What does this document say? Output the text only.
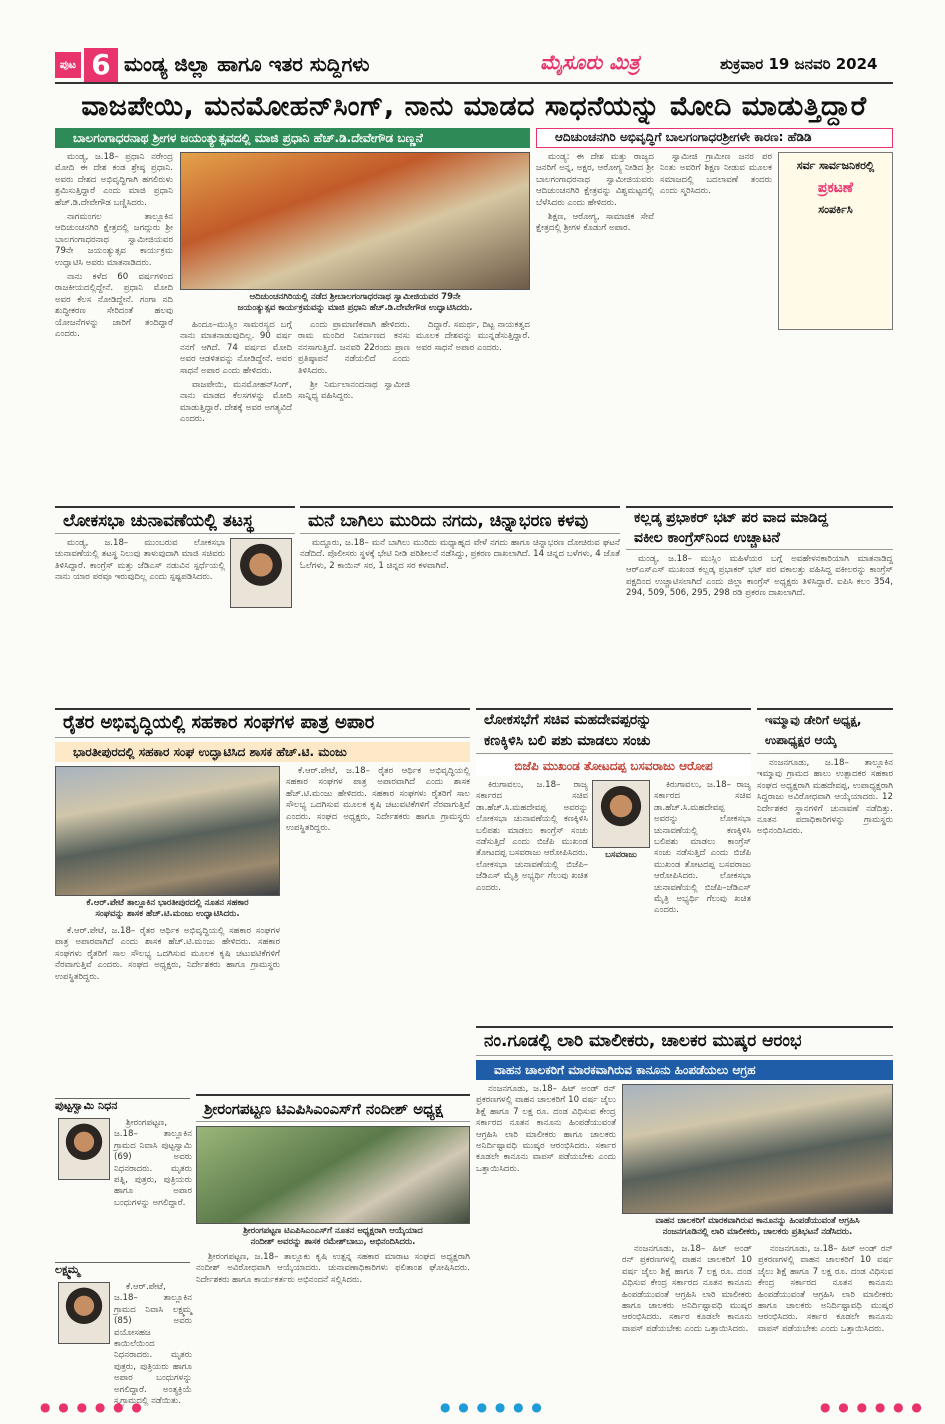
ಪುಟ 6 ಮಂಡ್ಯ ಜಿಲ್ಲಾ ಹಾಗೂ ಇತರ ಸುದ್ದಿಗಳು	ಮೈಸೂರು ಮಿತ್ರ	ಶುಕ್ರವಾರ 19 ಜನವರಿ 2024
ವಾಜಪೇಯಿ, ಮನಮೋಹನ್‌ಸಿಂಗ್, ನಾನು ಮಾಡದ ಸಾಧನೆಯನ್ನು ಮೋದಿ ಮಾಡುತ್ತಿದ್ದಾರೆ
ಬಾಲಗಂಗಾಧರನಾಥ ಶ್ರೀಗಳ ಜಯಂತ್ಯುತ್ಸವದಲ್ಲಿ ಮಾಜಿ ಪ್ರಧಾನಿ ಹೆಚ್.ಡಿ.ದೇವೇಗೌಡ ಬಣ್ಣನೆ	ಆದಿಚುಂಚನಗಿರಿ ಅಭಿವೃದ್ಧಿಗೆ ಬಾಲಗಂಗಾಧರಶ್ರೀಗಳೇ ಕಾರಣ: ಹೆಡಿಡಿ

ಮಂಡ್ಯ, ಜ.18– ಪ್ರಧಾನಿ ನರೇಂದ್ರ ಮೋದಿ ಈ ದೇಶ ಕಂಡ ಶ್ರೇಷ್ಠ ಪ್ರಧಾನಿ. ಅವರು ದೇಶದ ಅಭಿವೃದ್ಧಿಗಾಗಿ ಹಗಲಿರುಳು ಶ್ರಮಿಸುತ್ತಿದ್ದಾರೆ ಎಂದು ಮಾಜಿ ಪ್ರಧಾನಿ ಹೆಚ್.ಡಿ.ದೇವೇಗೌಡ ಬಣ್ಣಿಸಿದರು.

ನಾಗಮಂಗಲ ತಾಲ್ಲೂಕಿನ ಆದಿಚುಂಚನಗಿರಿ ಕ್ಷೇತ್ರದಲ್ಲಿ ಜಗದ್ಗುರು ಶ್ರೀ ಬಾಲಗಂಗಾಧರನಾಥ ಸ್ವಾಮೀಜಿಯವರ 79ನೇ ಜಯಂತ್ಯುತ್ಸವ ಕಾರ್ಯಕ್ರಮ ಉದ್ಘಾಟಿಸಿ ಅವರು ಮಾತನಾಡಿದರು.

ನಾನು ಕಳೆದ 60 ವರ್ಷಗಳಿಂದ ರಾಜಕೀಯದಲ್ಲಿದ್ದೇನೆ. ಪ್ರಧಾನಿ ಮೋದಿ ಅವರ ಕೆಲಸ ನೋಡಿದ್ದೇನೆ. ಗಂಗಾ ನದಿ ಶುದ್ಧೀಕರಣ ಸೇರಿದಂತೆ ಹಲವು ಯೋಜನೆಗಳನ್ನು ಜಾರಿಗೆ ತಂದಿದ್ದಾರೆ ಎಂದರು.

ಆದಿಚುಂಚನಗಿರಿಯಲ್ಲಿ ನಡೆದ ಶ್ರೀಬಾಲಗಂಗಾಧರನಾಥ ಸ್ವಾಮೀಜಿಯವರ 79ನೇ
ಜಯಂತ್ಯುತ್ಸವ ಕಾರ್ಯಕ್ರಮವನ್ನು ಮಾಜಿ ಪ್ರಧಾನಿ ಹೆಚ್.ಡಿ.ದೇವೇಗೌಡ ಉದ್ಘಾಟಿಸಿದರು.

ಹಿಂದೂ–ಮುಸ್ಲಿಂ ಸಾಮರಸ್ಯದ ಬಗ್ಗೆ ನಾನು ಮಾತನಾಡುವುದಿಲ್ಲ. 90 ವರ್ಷ ನನಗೆ ಆಗಿದೆ. 74 ವರ್ಷದ ಮೋದಿ ಅವರ ಆಡಳಿತವನ್ನು ನೋಡಿದ್ದೇನೆ. ಅವರ ಸಾಧನೆ ಅಪಾರ ಎಂದು ಹೇಳಿದರು.

ವಾಜಪೇಯಿ, ಮನಮೋಹನ್‌ಸಿಂಗ್, ನಾನು ಮಾಡದ ಕೆಲಸಗಳನ್ನು ಮೋದಿ ಮಾಡುತ್ತಿದ್ದಾರೆ. ದೇಶಕ್ಕೆ ಅವರ ಅಗತ್ಯವಿದೆ ಎಂದರು.

ಎಂದು ಪ್ರಾಮಾಣಿಕವಾಗಿ ಹೇಳಿದರು. ರಾಮ ಮಂದಿರ ನಿರ್ಮಾಣದ ಕನಸು ನನಸಾಗುತ್ತಿದೆ. ಜನವರಿ 22ರಂದು ಪ್ರಾಣ ಪ್ರತಿಷ್ಠಾಪನೆ ನಡೆಯಲಿದೆ ಎಂದು ತಿಳಿಸಿದರು.

ಶ್ರೀ ನಿರ್ಮಲಾನಂದನಾಥ ಸ್ವಾಮೀಜಿ ಸಾನ್ನಿಧ್ಯ ವಹಿಸಿದ್ದರು.

ದಿದ್ದಾರೆ. ಸಮರ್ಥ, ದಿಟ್ಟ ನಾಯಕತ್ವದ ಮೂಲಕ ದೇಶವನ್ನು ಮುನ್ನಡೆಸುತ್ತಿದ್ದಾರೆ. ಅವರ ಸಾಧನೆ ಅಪಾರ ಎಂದರು.

ಮಂಡ್ಯ: ಈ ದೇಶ ಮತ್ತು ರಾಜ್ಯದ ಜನರಿಗೆ ಅನ್ನ, ಅಕ್ಷರ, ಆರೋಗ್ಯ ನೀಡಿದ ಶ್ರೀ ಬಾಲಗಂಗಾಧರನಾಥ ಸ್ವಾಮೀಜಿಯವರು ಆದಿಚುಂಚನಗಿರಿ ಕ್ಷೇತ್ರವನ್ನು ವಿಶ್ವಮಟ್ಟದಲ್ಲಿ ಬೆಳೆಸಿದರು ಎಂದು ಹೇಳಿದರು.

ಶಿಕ್ಷಣ, ಆರೋಗ್ಯ, ಸಾಮಾಜಿಕ ಸೇವೆ ಕ್ಷೇತ್ರದಲ್ಲಿ ಶ್ರೀಗಳ ಕೊಡುಗೆ ಅಪಾರ.

ಸ್ವಾಮೀಜಿ ಗ್ರಾಮೀಣ ಜನರ ಪರ ನಿಂತು ಅವರಿಗೆ ಶಿಕ್ಷಣ ನೀಡುವ ಮೂಲಕ ಸಮಾಜದಲ್ಲಿ ಬದಲಾವಣೆ ತಂದರು ಎಂದು ಸ್ಮರಿಸಿದರು.

ಸರ್ವ ಸಾರ್ವಜನಿಕರಲ್ಲಿ
ಪ್ರಕಟಣೆ
ಸಂಪರ್ಕಿಸಿ
ಲೋಕಸಭಾ ಚುನಾವಣೆಯಲ್ಲಿ ತಟಸ್ಥ

ಮಂಡ್ಯ, ಜ.18– ಮುಂಬರುವ ಲೋಕಸಭಾ ಚುನಾವಣೆಯಲ್ಲಿ ತಟಸ್ಥ ನಿಲುವು ತಾಳುವುದಾಗಿ ಮಾಜಿ ಸಚಿವರು ತಿಳಿಸಿದ್ದಾರೆ. ಕಾಂಗ್ರೆಸ್ ಮತ್ತು ಜೆಡಿಎಸ್ ನಡುವಿನ ಸ್ಪರ್ಧೆಯಲ್ಲಿ ನಾನು ಯಾರ ಪರವೂ ಇರುವುದಿಲ್ಲ ಎಂದು ಸ್ಪಷ್ಟಪಡಿಸಿದರು.

ಮನೆ ಬಾಗಿಲು ಮುರಿದು ನಗದು, ಚಿನ್ನಾಭರಣ ಕಳವು

ಮದ್ದೂರು, ಜ.18– ಮನೆ ಬಾಗಿಲು ಮುರಿದು ಮಧ್ಯಾಹ್ನದ ವೇಳೆ ನಗದು ಹಾಗೂ ಚಿನ್ನಾಭರಣ ದೋಚಿರುವ ಘಟನೆ ನಡೆದಿದೆ. ಪೊಲೀಸರು ಸ್ಥಳಕ್ಕೆ ಭೇಟಿ ನೀಡಿ ಪರಿಶೀಲನೆ ನಡೆಸಿದ್ದು, ಪ್ರಕರಣ ದಾಖಲಾಗಿದೆ. 14 ಚಿನ್ನದ ಬಳೆಗಳು, 4 ಜೊತೆ ಓಲೆಗಳು, 2 ಕಾಯಿನ್ ಸರ, 1 ಚಿನ್ನದ ಸರ ಕಳವಾಗಿವೆ.

ಕಲ್ಲಡ್ಕ ಪ್ರಭಾಕರ್ ಭಟ್ ಪರ ವಾದ ಮಾಡಿದ್ದ
ವಕೀಲ ಕಾಂಗ್ರೆಸ್‌ನಿಂದ ಉಚ್ಚಾಟನೆ

ಮಂಡ್ಯ, ಜ.18– ಮುಸ್ಲಿಂ ಮಹಿಳೆಯರ ಬಗ್ಗೆ ಅವಹೇಳನಕಾರಿಯಾಗಿ ಮಾತನಾಡಿದ್ದ ಆರ್‌ಎಸ್‌ಎಸ್ ಮುಖಂಡ ಕಲ್ಲಡ್ಕ ಪ್ರಭಾಕರ್ ಭಟ್ ಪರ ವಕಾಲತ್ತು ವಹಿಸಿದ್ದ ವಕೀಲರನ್ನು ಕಾಂಗ್ರೆಸ್ ಪಕ್ಷದಿಂದ ಉಚ್ಚಾಟಿಸಲಾಗಿದೆ ಎಂದು ಜಿಲ್ಲಾ ಕಾಂಗ್ರೆಸ್ ಅಧ್ಯಕ್ಷರು ತಿಳಿಸಿದ್ದಾರೆ. ಐಪಿಸಿ ಕಲಂ 354, 294, 509, 506, 295, 298 ರಡಿ ಪ್ರಕರಣ ದಾಖಲಾಗಿದೆ.

ರೈತರ ಅಭಿವೃದ್ಧಿಯಲ್ಲಿ ಸಹಕಾರ ಸಂಘಗಳ ಪಾತ್ರ ಅಪಾರ
ಭಾರತೀಪುರದಲ್ಲಿ ಸಹಕಾರ ಸಂಘ ಉದ್ಘಾಟಿಸಿದ ಶಾಸಕ ಹೆಚ್.ಟಿ. ಮಂಜು
ಕೆ.ಆರ್.ಪೇಟೆ ತಾಲ್ಲೂಕಿನ ಭಾರತೀಪುರದಲ್ಲಿ ನೂತನ ಸಹಕಾರ
ಸಂಘವನ್ನು ಶಾಸಕ ಹೆಚ್.ಟಿ.ಮಂಜು ಉದ್ಘಾಟಿಸಿದರು.

ಕೆ.ಆರ್.ಪೇಟೆ, ಜ.18– ರೈತರ ಆರ್ಥಿಕ ಅಭಿವೃದ್ಧಿಯಲ್ಲಿ ಸಹಕಾರ ಸಂಘಗಳ ಪಾತ್ರ ಅಪಾರವಾಗಿದೆ ಎಂದು ಶಾಸಕ ಹೆಚ್.ಟಿ.ಮಂಜು ಹೇಳಿದರು. ಸಹಕಾರ ಸಂಘಗಳು ರೈತರಿಗೆ ಸಾಲ ಸೌಲಭ್ಯ ಒದಗಿಸುವ ಮೂಲಕ ಕೃಷಿ ಚಟುವಟಿಕೆಗಳಿಗೆ ನೆರವಾಗುತ್ತಿವೆ ಎಂದರು. ಸಂಘದ ಅಧ್ಯಕ್ಷರು, ನಿರ್ದೇಶಕರು ಹಾಗೂ ಗ್ರಾಮಸ್ಥರು ಉಪಸ್ಥಿತರಿದ್ದರು.

ಕೆ.ಆರ್.ಪೇಟೆ, ಜ.18– ರೈತರ ಆರ್ಥಿಕ ಅಭಿವೃದ್ಧಿಯಲ್ಲಿ ಸಹಕಾರ ಸಂಘಗಳ ಪಾತ್ರ ಅಪಾರವಾಗಿದೆ ಎಂದು ಶಾಸಕ ಹೆಚ್.ಟಿ.ಮಂಜು ಹೇಳಿದರು. ಸಹಕಾರ ಸಂಘಗಳು ರೈತರಿಗೆ ಸಾಲ ಸೌಲಭ್ಯ ಒದಗಿಸುವ ಮೂಲಕ ಕೃಷಿ ಚಟುವಟಿಕೆಗಳಿಗೆ ನೆರವಾಗುತ್ತಿವೆ ಎಂದರು. ಸಂಘದ ಅಧ್ಯಕ್ಷರು, ನಿರ್ದೇಶಕರು ಹಾಗೂ ಗ್ರಾಮಸ್ಥರು ಉಪಸ್ಥಿತರಿದ್ದರು.

ಪುಟ್ಟಸ್ವಾಮಿ ನಿಧನ

ಶ್ರೀರಂಗಪಟ್ಟಣ, ಜ.18– ತಾಲ್ಲೂಕಿನ ಗ್ರಾಮದ ನಿವಾಸಿ ಪುಟ್ಟಸ್ವಾಮಿ (69) ಅವರು ನಿಧನರಾದರು. ಮೃತರು ಪತ್ನಿ, ಪುತ್ರರು, ಪುತ್ರಿಯರು ಹಾಗೂ ಅಪಾರ ಬಂಧುಗಳನ್ನು ಅಗಲಿದ್ದಾರೆ.

ಲಕ್ಷ್ಮಮ್ಮ

ಕೆ.ಆರ್.ಪೇಟೆ, ಜ.18– ತಾಲ್ಲೂಕಿನ ಗ್ರಾಮದ ನಿವಾಸಿ ಲಕ್ಷ್ಮಮ್ಮ (85) ಅವರು ವಯೋಸಹಜ ಕಾಯಿಲೆಯಿಂದ ನಿಧನರಾದರು. ಮೃತರು ಪುತ್ರರು, ಪುತ್ರಿಯರು ಹಾಗೂ ಅಪಾರ ಬಂಧುಗಳನ್ನು ಅಗಲಿದ್ದಾರೆ. ಅಂತ್ಯಕ್ರಿಯೆ ಸ್ವಗ್ರಾಮದಲ್ಲಿ ನಡೆಯಿತು.

ಶ್ರೀರಂಗಪಟ್ಟಣ ಟಿಎಪಿಸಿಎಂಎಸ್‌ಗೆ ನಂದೀಶ್ ಅಧ್ಯಕ್ಷ
ಶ್ರೀರಂಗಪಟ್ಟಣ ಟಿಎಪಿಸಿಎಂಎಸ್‌ಗೆ ನೂತನ ಅಧ್ಯಕ್ಷರಾಗಿ ಆಯ್ಕೆಯಾದ
ನಂದೀಶ್ ಅವರನ್ನು ಶಾಸಕ ರಮೇಶ್‌ಬಾಬು, ಅಭಿನಂದಿಸಿದರು.

ಶ್ರೀರಂಗಪಟ್ಟಣ, ಜ.18– ತಾಲ್ಲೂಕು ಕೃಷಿ ಉತ್ಪನ್ನ ಸಹಕಾರ ಮಾರಾಟ ಸಂಘದ ಅಧ್ಯಕ್ಷರಾಗಿ ನಂದೀಶ್ ಅವಿರೋಧವಾಗಿ ಆಯ್ಕೆಯಾದರು. ಚುನಾವಣಾಧಿಕಾರಿಗಳು ಫಲಿತಾಂಶ ಘೋಷಿಸಿದರು. ನಿರ್ದೇಶಕರು ಹಾಗೂ ಕಾರ್ಯಕರ್ತರು ಅಭಿನಂದನೆ ಸಲ್ಲಿಸಿದರು.

ಲೋಕಸಭೆಗೆ ಸಚಿವ ಮಹದೇವಪ್ಪರನ್ನು
ಕಣಕ್ಕಿಳಿಸಿ ಬಲಿ ಪಶು ಮಾಡಲು ಸಂಚು
ಬಿಜೆಪಿ ಮುಖಂಡ ತೋಟದಪ್ಪ ಬಸವರಾಜು ಆರೋಪ
ಬಸವರಾಜು

ಕಿರುಗಾವಲು, ಜ.18– ರಾಜ್ಯ ಸರ್ಕಾರದ ಸಚಿವ ಡಾ.ಹೆಚ್.ಸಿ.ಮಹದೇವಪ್ಪ ಅವರನ್ನು ಲೋಕಸಭಾ ಚುನಾವಣೆಯಲ್ಲಿ ಕಣಕ್ಕಿಳಿಸಿ ಬಲಿಪಶು ಮಾಡಲು ಕಾಂಗ್ರೆಸ್ ಸಂಚು ನಡೆಸುತ್ತಿದೆ ಎಂದು ಬಿಜೆಪಿ ಮುಖಂಡ ತೋಟದಪ್ಪ ಬಸವರಾಜು ಆರೋಪಿಸಿದರು. ಲೋಕಸಭಾ ಚುನಾವಣೆಯಲ್ಲಿ ಬಿಜೆಪಿ–ಜೆಡಿಎಸ್ ಮೈತ್ರಿ ಅಭ್ಯರ್ಥಿ ಗೆಲುವು ಖಚಿತ ಎಂದರು.

ಕಿರುಗಾವಲು, ಜ.18– ರಾಜ್ಯ ಸರ್ಕಾರದ ಸಚಿವ ಡಾ.ಹೆಚ್.ಸಿ.ಮಹದೇವಪ್ಪ ಅವರನ್ನು ಲೋಕಸಭಾ ಚುನಾವಣೆಯಲ್ಲಿ ಕಣಕ್ಕಿಳಿಸಿ ಬಲಿಪಶು ಮಾಡಲು ಕಾಂಗ್ರೆಸ್ ಸಂಚು ನಡೆಸುತ್ತಿದೆ ಎಂದು ಬಿಜೆಪಿ ಮುಖಂಡ ತೋಟದಪ್ಪ ಬಸವರಾಜು ಆರೋಪಿಸಿದರು. ಲೋಕಸಭಾ ಚುನಾವಣೆಯಲ್ಲಿ ಬಿಜೆಪಿ–ಜೆಡಿಎಸ್ ಮೈತ್ರಿ ಅಭ್ಯರ್ಥಿ ಗೆಲುವು ಖಚಿತ ಎಂದರು.

ಇಮ್ಮಾವು ಡೇರಿಗೆ ಅಧ್ಯಕ್ಷ,
ಉಪಾಧ್ಯಕ್ಷರ ಆಯ್ಕೆ

ನಂಜನಗೂಡು, ಜ.18– ತಾಲ್ಲೂಕಿನ ಇಮ್ಮಾವು ಗ್ರಾಮದ ಹಾಲು ಉತ್ಪಾದಕರ ಸಹಕಾರ ಸಂಘದ ಅಧ್ಯಕ್ಷರಾಗಿ ಮಹದೇವಪ್ಪ, ಉಪಾಧ್ಯಕ್ಷರಾಗಿ ಸಿದ್ದರಾಜು ಅವಿರೋಧವಾಗಿ ಆಯ್ಕೆಯಾದರು. 12 ನಿರ್ದೇಶಕರ ಸ್ಥಾನಗಳಿಗೆ ಚುನಾವಣೆ ನಡೆದಿತ್ತು. ನೂತನ ಪದಾಧಿಕಾರಿಗಳನ್ನು ಗ್ರಾಮಸ್ಥರು ಅಭಿನಂದಿಸಿದರು.

ನಂ.ಗೂಡಲ್ಲಿ ಲಾರಿ ಮಾಲೀಕರು, ಚಾಲಕರ ಮುಷ್ಕರ ಆರಂಭ
ವಾಹನ ಚಾಲಕರಿಗೆ ಮಾರಕವಾಗಿರುವ ಕಾನೂನು ಹಿಂಪಡೆಯಲು ಆಗ್ರಹ

ನಂಜನಗೂಡು, ಜ.18– ಹಿಟ್ ಅಂಡ್ ರನ್ ಪ್ರಕರಣಗಳಲ್ಲಿ ವಾಹನ ಚಾಲಕರಿಗೆ 10 ವರ್ಷ ಜೈಲು ಶಿಕ್ಷೆ ಹಾಗೂ 7 ಲಕ್ಷ ರೂ. ದಂಡ ವಿಧಿಸುವ ಕೇಂದ್ರ ಸರ್ಕಾರದ ನೂತನ ಕಾನೂನು ಹಿಂಪಡೆಯುವಂತೆ ಆಗ್ರಹಿಸಿ ಲಾರಿ ಮಾಲೀಕರು ಹಾಗೂ ಚಾಲಕರು ಅನಿರ್ದಿಷ್ಟಾವಧಿ ಮುಷ್ಕರ ಆರಂಭಿಸಿದರು. ಸರ್ಕಾರ ಕೂಡಲೇ ಕಾನೂನು ವಾಪಸ್ ಪಡೆಯಬೇಕು ಎಂದು ಒತ್ತಾಯಿಸಿದರು.

ವಾಹನ ಚಾಲಕರಿಗೆ ಮಾರಕವಾಗಿರುವ ಕಾನೂನನ್ನು ಹಿಂಪಡೆಯುವಂತೆ ಆಗ್ರಹಿಸಿ
ನಂಜನಗೂಡಿನಲ್ಲಿ ಲಾರಿ ಮಾಲೀಕರು, ಚಾಲಕರು ಪ್ರತಿಭಟನೆ ನಡೆಸಿದರು.

ನಂಜನಗೂಡು, ಜ.18– ಹಿಟ್ ಅಂಡ್ ರನ್ ಪ್ರಕರಣಗಳಲ್ಲಿ ವಾಹನ ಚಾಲಕರಿಗೆ 10 ವರ್ಷ ಜೈಲು ಶಿಕ್ಷೆ ಹಾಗೂ 7 ಲಕ್ಷ ರೂ. ದಂಡ ವಿಧಿಸುವ ಕೇಂದ್ರ ಸರ್ಕಾರದ ನೂತನ ಕಾನೂನು ಹಿಂಪಡೆಯುವಂತೆ ಆಗ್ರಹಿಸಿ ಲಾರಿ ಮಾಲೀಕರು ಹಾಗೂ ಚಾಲಕರು ಅನಿರ್ದಿಷ್ಟಾವಧಿ ಮುಷ್ಕರ ಆರಂಭಿಸಿದರು. ಸರ್ಕಾರ ಕೂಡಲೇ ಕಾನೂನು ವಾಪಸ್ ಪಡೆಯಬೇಕು ಎಂದು ಒತ್ತಾಯಿಸಿದರು.

ನಂಜನಗೂಡು, ಜ.18– ಹಿಟ್ ಅಂಡ್ ರನ್ ಪ್ರಕರಣಗಳಲ್ಲಿ ವಾಹನ ಚಾಲಕರಿಗೆ 10 ವರ್ಷ ಜೈಲು ಶಿಕ್ಷೆ ಹಾಗೂ 7 ಲಕ್ಷ ರೂ. ದಂಡ ವಿಧಿಸುವ ಕೇಂದ್ರ ಸರ್ಕಾರದ ನೂತನ ಕಾನೂನು ಹಿಂಪಡೆಯುವಂತೆ ಆಗ್ರಹಿಸಿ ಲಾರಿ ಮಾಲೀಕರು ಹಾಗೂ ಚಾಲಕರು ಅನಿರ್ದಿಷ್ಟಾವಧಿ ಮುಷ್ಕರ ಆರಂಭಿಸಿದರು. ಸರ್ಕಾರ ಕೂಡಲೇ ಕಾನೂನು ವಾಪಸ್ ಪಡೆಯಬೇಕು ಎಂದು ಒತ್ತಾಯಿಸಿದರು.

● ● ● ● ● ●	● ● ● ● ● ●	● ● ● ● ● ●
